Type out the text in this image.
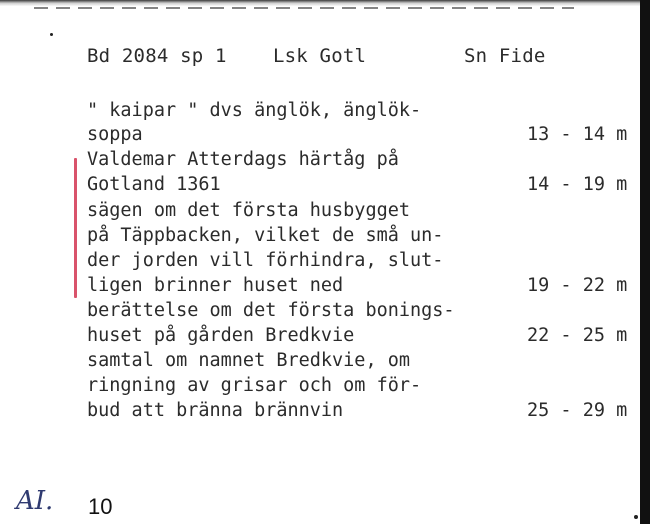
Bd 2084 sp 1 Lsk Gotl	Sn Fide
" kaipar " dvs änglök, änglök-
soppa	13 - 14 m
Valdemar Atterdags härtåg på
Gotland 1361	14 - 19 m
sägen om det första husbygget
på Täppbacken, vilket de små un-
der jorden vill förhindra, slut-
ligen brinner huset ned	19 - 22 m
berättelse om det första bonings-
huset på gården Bredkvie	22 - 25 m
samtal om namnet Bredkvie, om
ringning av grisar och om för-
bud att bränna brännvin	25 - 29 m
AI. 10
